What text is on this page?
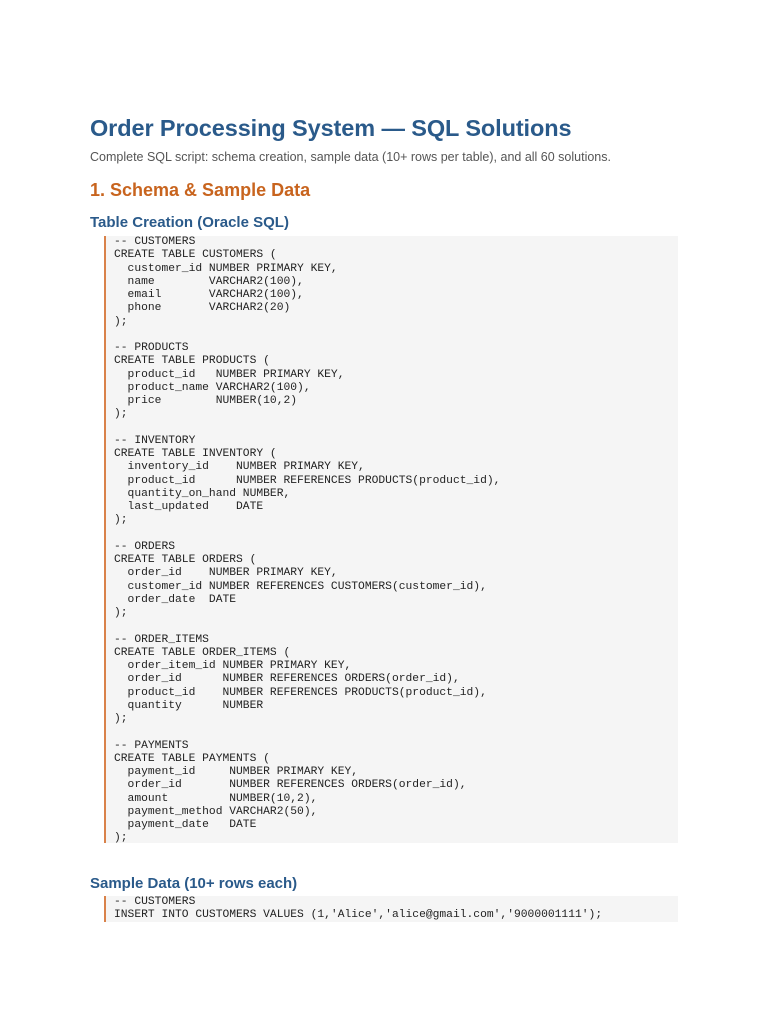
Order Processing System — SQL Solutions

Complete SQL script: schema creation, sample data (10+ rows per table), and all 60 solutions.

1. Schema & Sample Data
Table Creation (Oracle SQL)
-- CUSTOMERS
CREATE TABLE CUSTOMERS (
customer_id NUMBER PRIMARY KEY,
name        VARCHAR2(100),
email       VARCHAR2(100),
phone       VARCHAR2(20)
);

-- PRODUCTS
CREATE TABLE PRODUCTS (
product_id   NUMBER PRIMARY KEY,
product_name VARCHAR2(100),
price        NUMBER(10,2)
);

-- INVENTORY
CREATE TABLE INVENTORY (
inventory_id    NUMBER PRIMARY KEY,
product_id      NUMBER REFERENCES PRODUCTS(product_id),
quantity_on_hand NUMBER,
last_updated    DATE
);

-- ORDERS
CREATE TABLE ORDERS (
order_id    NUMBER PRIMARY KEY,
customer_id NUMBER REFERENCES CUSTOMERS(customer_id),
order_date  DATE
);

-- ORDER_ITEMS
CREATE TABLE ORDER_ITEMS (
order_item_id NUMBER PRIMARY KEY,
order_id      NUMBER REFERENCES ORDERS(order_id),
product_id    NUMBER REFERENCES PRODUCTS(product_id),
quantity      NUMBER
);

-- PAYMENTS
CREATE TABLE PAYMENTS (
payment_id     NUMBER PRIMARY KEY,
order_id       NUMBER REFERENCES ORDERS(order_id),
amount         NUMBER(10,2),
payment_method VARCHAR2(50),
payment_date   DATE
);
Sample Data (10+ rows each)
-- CUSTOMERS
INSERT INTO CUSTOMERS VALUES (1,'Alice','alice@gmail.com','9000001111');
